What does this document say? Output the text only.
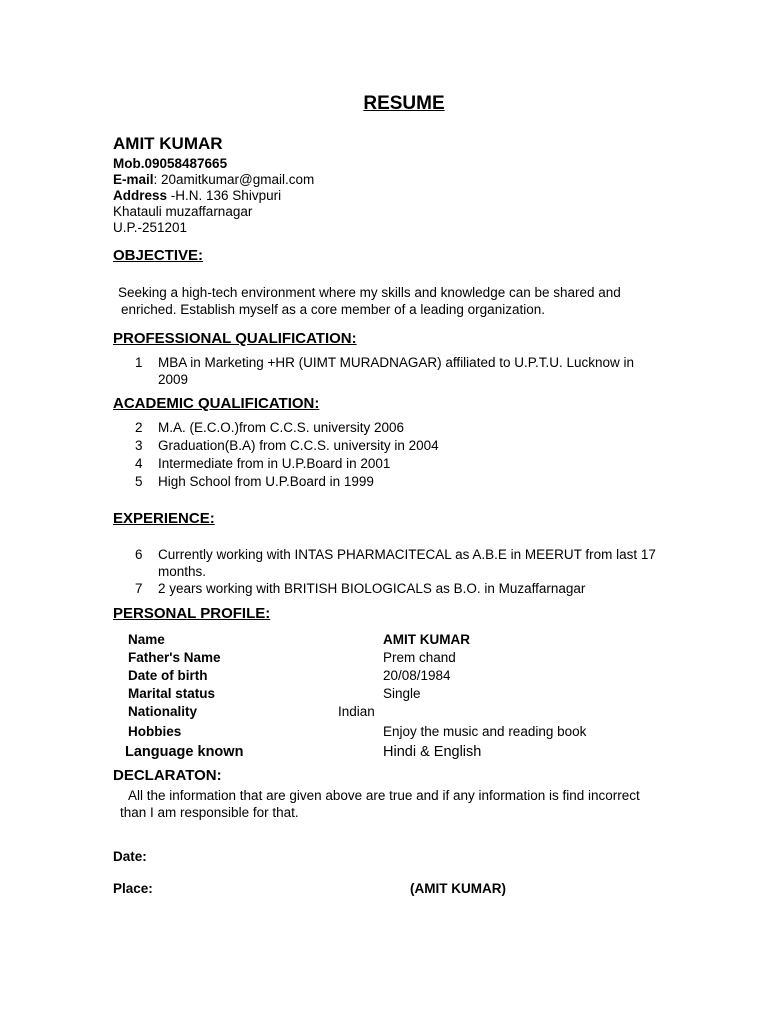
RESUME
AMIT KUMAR
Mob.09058487665
E-mail: 20amitkumar@gmail.com
Address -H.N. 136 Shivpuri
Khatauli muzaffarnagar
U.P.-251201
OBJECTIVE:
Seeking a high-tech environment where my skills and knowledge can be shared and
enriched. Establish myself as a core member of a leading organization.
PROFESSIONAL QUALIFICATION:
1 MBA in Marketing +HR (UIMT MURADNAGAR) affiliated to U.P.T.U. Lucknow in 2009
ACADEMIC QUALIFICATION:
2 M.A. (E.C.O.)from C.C.S. university 2006
3 Graduation(B.A) from C.C.S. university in 2004
4 Intermediate from in U.P.Board in 2001
5 High School from U.P.Board in 1999
EXPERIENCE:
6 Currently working with INTAS PHARMACITECAL as A.B.E in MEERUT from last 17 months.
7 2 years working with BRITISH BIOLOGICALS as B.O. in Muzaffarnagar
PERSONAL PROFILE:
Name	AMIT KUMAR
Father's Name	Prem chand
Date of birth	20/08/1984
Marital status	Single
Nationality	Indian
Hobbies	Enjoy the music and reading book
Language known	Hindi & English
DECLARATON:
All the information that are given above are true and if any information is find incorrect
than I am responsible for that.
Date:
Place:	(AMIT KUMAR)
